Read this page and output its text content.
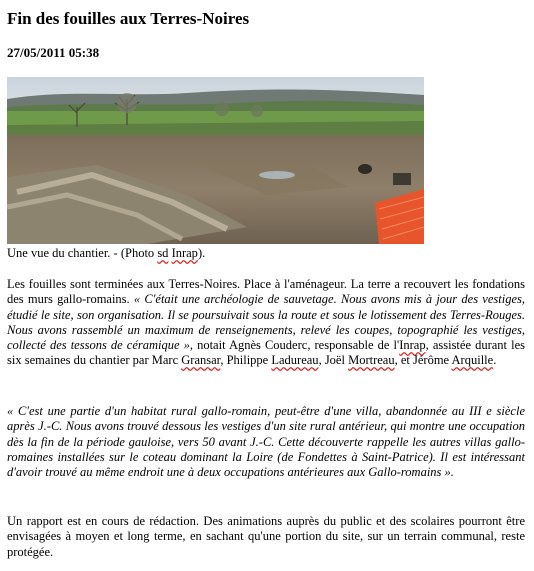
Fin des fouilles aux Terres-Noires
27/05/2011 05:38
Une vue du chantier. - (Photo sd Inrap).

Les fouilles sont terminées aux Terres-Noires. Place à l'aménageur. La terre a recouvert les fondations des murs gallo-romains. « C'était une archéologie de sauvetage. Nous avons mis à jour des vestiges, étudié le site, son organisation. Il se poursuivait sous la route et sous le lotissement des Terres-Rouges. Nous avons rassemblé un maximum de renseignements, relevé les coupes, topographié les vestiges, collecté des tessons de céramique », notait Agnès Couderc, responsable de l'Inrap, assistée durant les six semaines du chantier par Marc Gransar, Philippe Ladureau, Joël Mortreau, et Jérôme Arquille.

« C'est une partie d'un habitat rural gallo-romain, peut-être d'une villa, abandonnée au III e siècle après J.-C. Nous avons trouvé dessous les vestiges d'un site rural antérieur, qui montre une occupation dès la fin de la période gauloise, vers 50 avant J.-C. Cette découverte rappelle les autres villas gallo-romaines installées sur le coteau dominant la Loire (de Fondettes à Saint-Patrice). Il est intéressant d'avoir trouvé au même endroit une à deux occupations antérieures aux Gallo-romains ».

Un rapport est en cours de rédaction. Des animations auprès du public et des scolaires pourront être envisagées à moyen et long terme, en sachant qu'une portion du site, sur un terrain communal, reste protégée.
